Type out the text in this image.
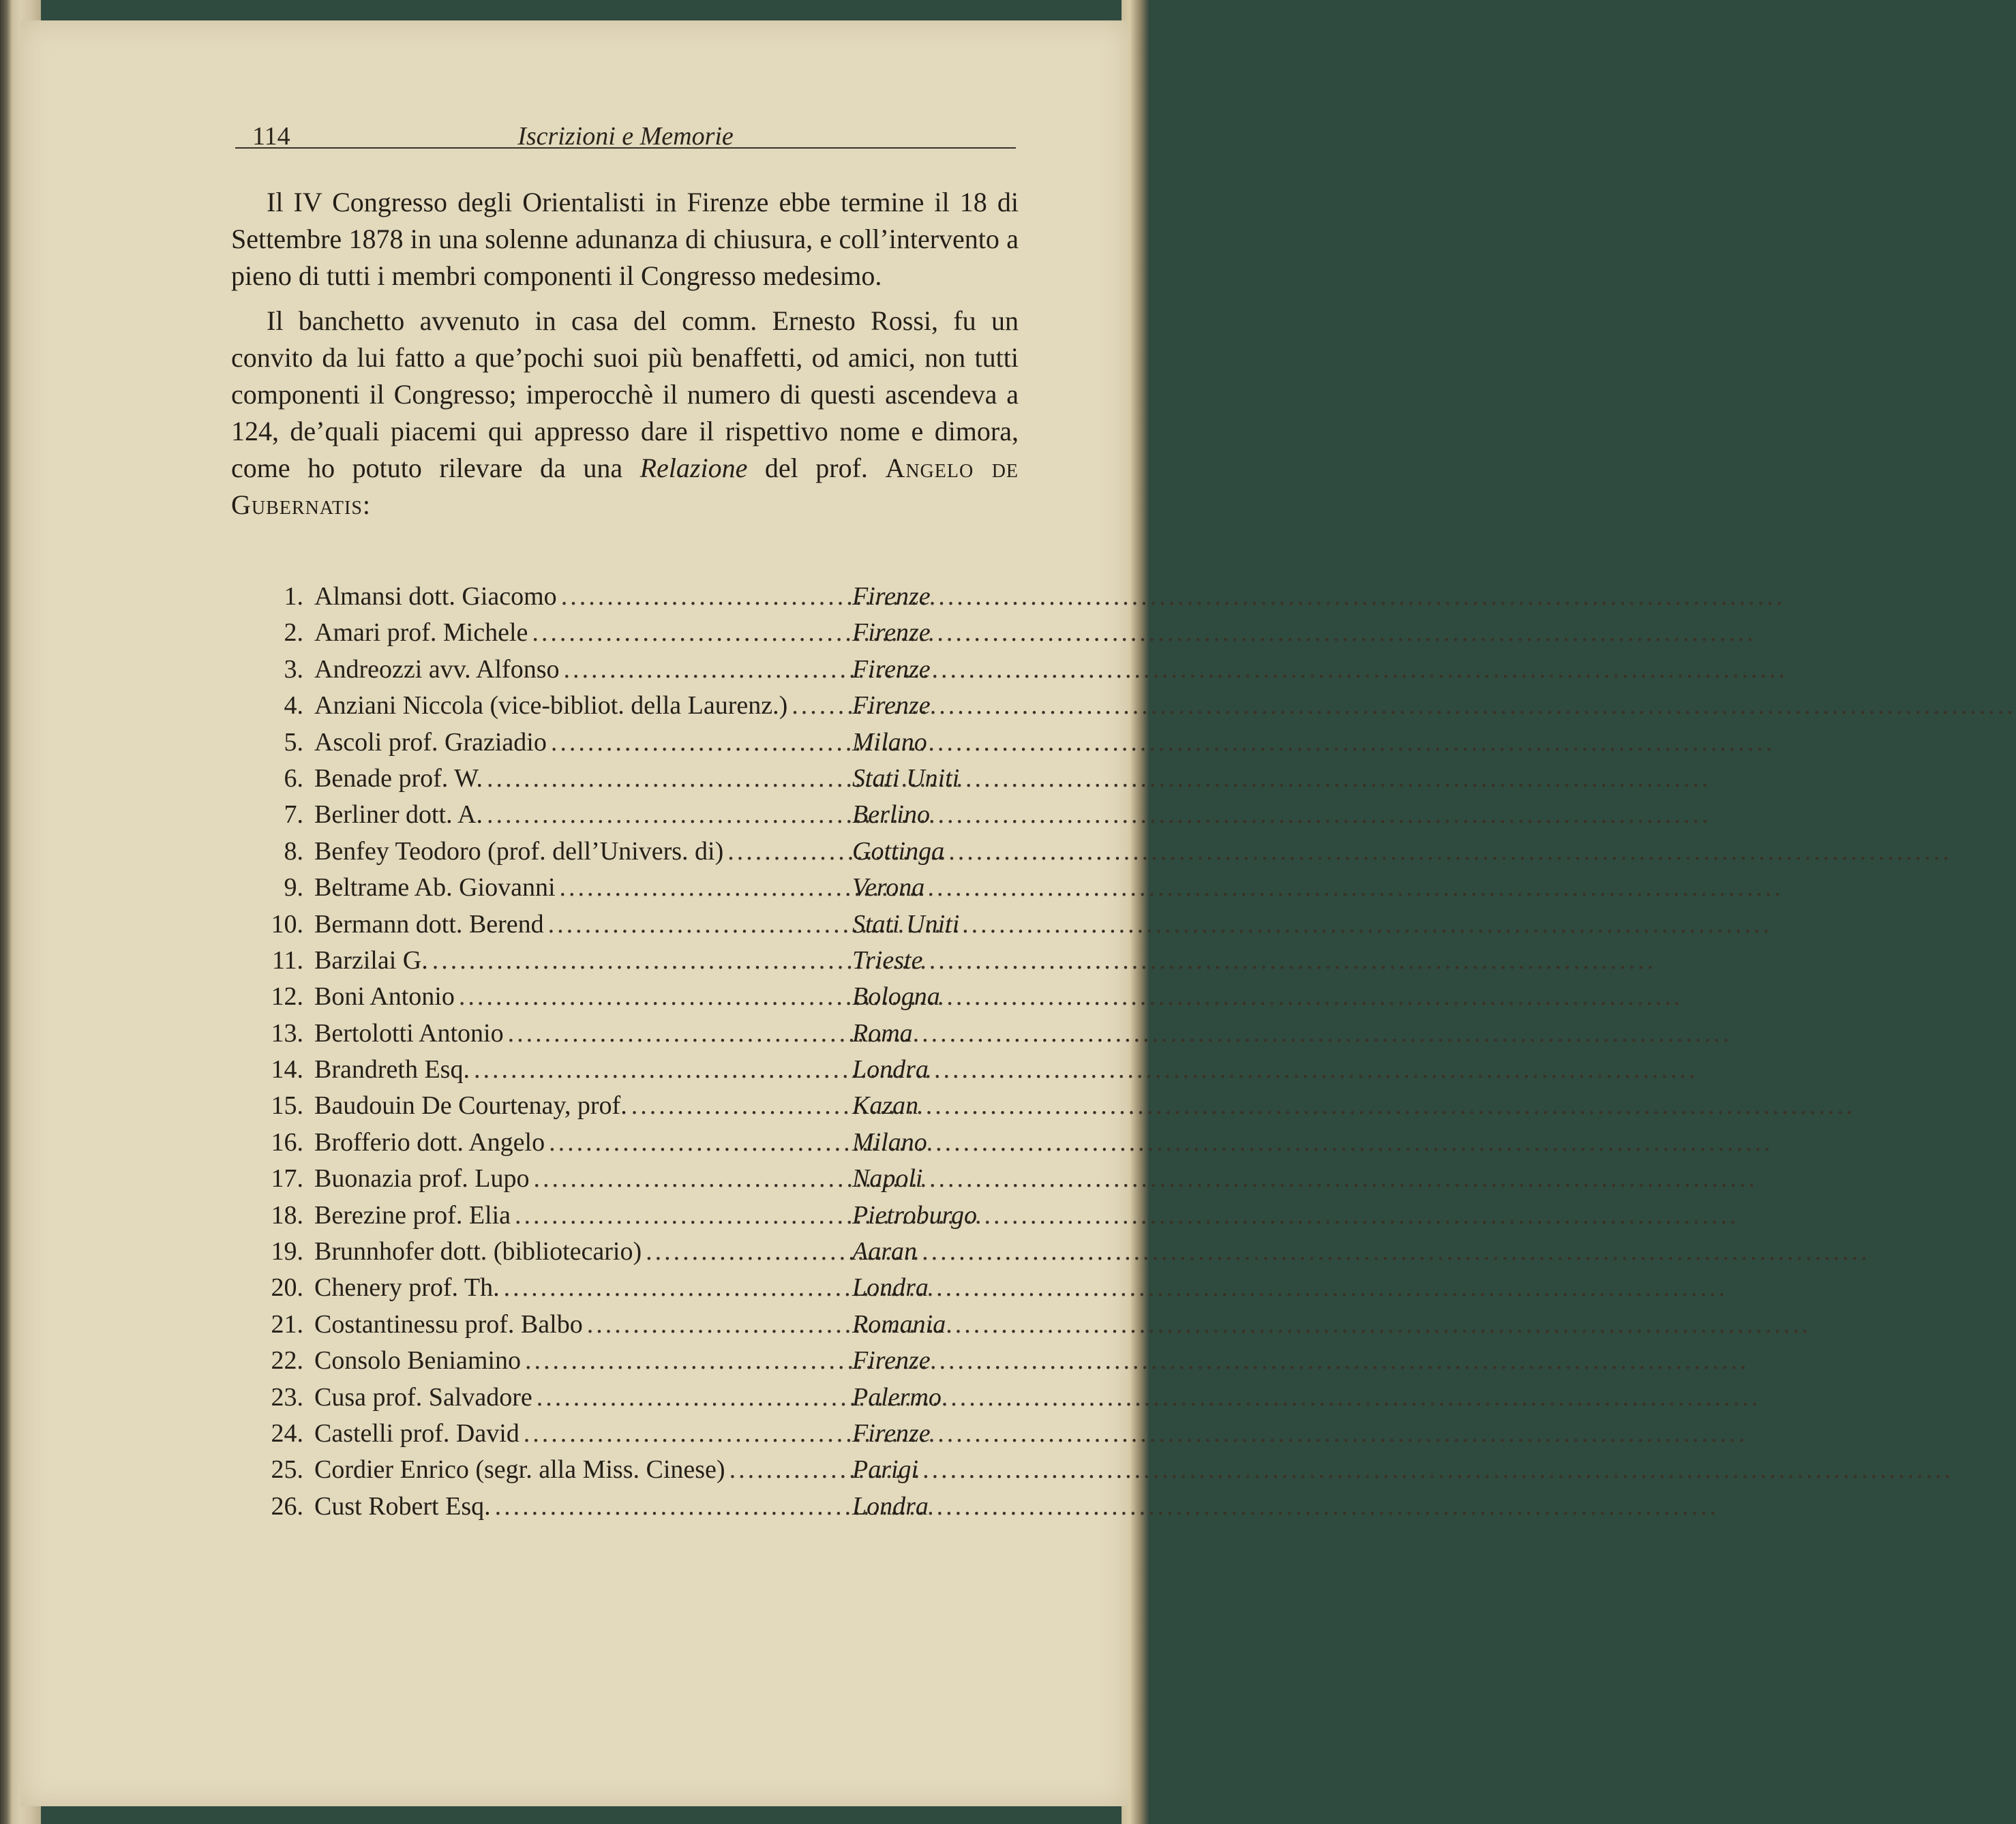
114	Iscrizioni e Memorie

Il IV Congresso degli Orientalisti in Firenze ebbe termine il 18 di Settembre 1878 in una solenne adunanza di chiusura, e coll’intervento a pieno di tutti i membri componenti il Congresso medesimo.

Il banchetto avvenuto in casa del comm. Ernesto Rossi, fu un convito da lui fatto a que’pochi suoi più benaffetti, od amici, non tutti componenti il Congresso; imperocchè il numero di questi ascendeva a 124, de’quali piacemi qui appresso dare il rispettivo nome e dimora, come ho potuto rilevare da una Relazione del prof. Angelo de Gubernatis:

1. Almansi dott. Giacomo .....	Firenze
2. Amari prof. Michele .....	Firenze
3. Andreozzi avv. Alfonso .....	Firenze
4. Anziani Niccola (vice-bibliot. della Laurenz.) ..... Firenze
5. Ascoli prof. Graziadio .....	Milano
6. Benade prof. W. .....	Stati Uniti
7. Berliner dott. A. .....	Berlino
8. Benfey Teodoro (prof. dell’Univers. di) .....	Gottinga
9. Beltrame Ab. Giovanni .....	Verona
10. Bermann dott. Berend .....	Stati Uniti
11. Barzilai G. .....	Trieste
12. Boni Antonio .....	Bologna
13. Bertolotti Antonio .....	Roma
14. Brandreth Esq. .....	Londra
15. Baudouin De Courtenay, prof. .....	Kazan
16. Brofferio dott. Angelo .....	Milano
17. Buonazia prof. Lupo .....	Napoli
18. Berezine prof. Elia .....	Pietroburgo
19. Brunnhofer dott. (bibliotecario) .....	Aaran
20. Chenery prof. Th. .....	Londra
21. Costantinessu prof. Balbo .....	Romania
22. Consolo Beniamino .....	Firenze
23. Cusa prof. Salvadore .....	Palermo
24. Castelli prof. David .....	Firenze
25. Cordier Enrico (segr. alla Miss. Cinese) .....	Parigi
26. Cust Robert Esq. .....	Londra
